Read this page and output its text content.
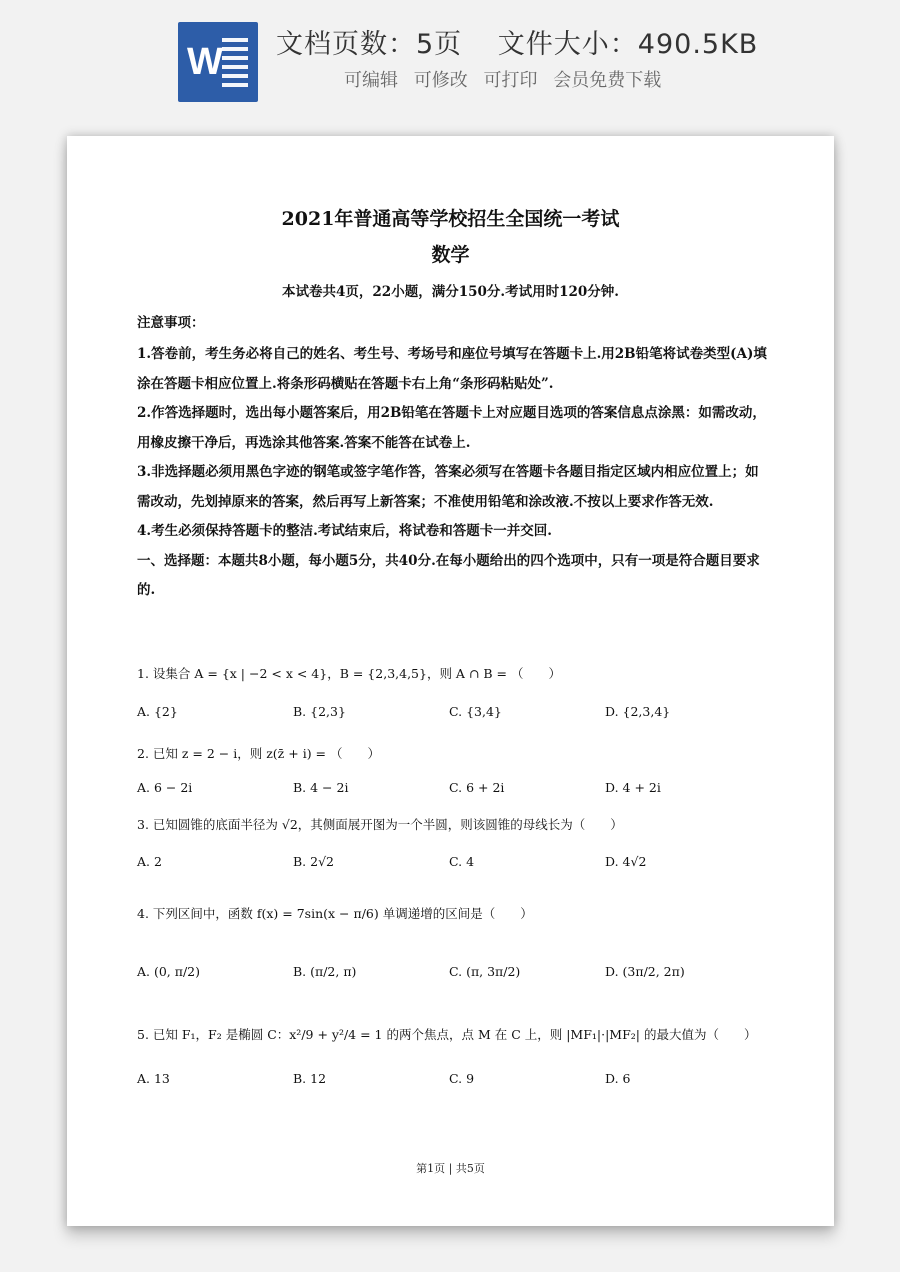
W 文档页数：5页 文件大小：490.5KB
可编辑 可修改 可打印 会员免费下载
2021年普通高等学校招生全国统一考试
数学
本试卷共4页，22小题，满分150分.考试用时120分钟.
注意事项：

1.答卷前，考生务必将自己的姓名、考生号、考场号和座位号填写在答题卡上.用2B铅笔将试卷类型(A)填涂在答题卡相应位置上.将条形码横贴在答题卡右上角“条形码粘贴处”.

2.作答选择题时，选出每小题答案后，用2B铅笔在答题卡上对应题目选项的答案信息点涂黑：如需改动，用橡皮擦干净后，再选涂其他答案.答案不能答在试卷上.

3.非选择题必须用黑色字迹的钢笔或签字笔作答，答案必须写在答题卡各题目指定区域内相应位置上；如需改动，先划掉原来的答案，然后再写上新答案；不准使用铅笔和涂改液.不按以上要求作答无效.

4.考生必须保持答题卡的整洁.考试结束后，将试卷和答题卡一并交回.

一、选择题：本题共8小题，每小题5分，共40分.在每小题给出的四个选项中，只有一项是符合题目要求的.

1. 设集合 A = {x | −2 < x < 4}，B = {2,3,4,5}，则 A ∩ B = （　　）
A. {2}	B. {2,3}	C. {3,4}	D. {2,3,4}
2. 已知 z = 2 − i，则 z(z̄ + i) = （　　）
A. 6 − 2i	B. 4 − 2i	C. 6 + 2i	D. 4 + 2i
3. 已知圆锥的底面半径为 √2，其侧面展开图为一个半圆，则该圆锥的母线长为（　　）
A. 2	B. 2√2	C. 4	D. 4√2
4. 下列区间中，函数 f(x) = 7sin(x − π/6) 单调递增的区间是（　　）
A. (0, π/2)	B. (π/2, π)	C. (π, 3π/2)	D. (3π/2, 2π)
5. 已知 F₁，F₂ 是椭圆 C：x²/9 + y²/4 = 1 的两个焦点，点 M 在 C 上，则 |MF₁|·|MF₂| 的最大值为（　　）
A. 13	B. 12	C. 9	D. 6
第1页 | 共5页
